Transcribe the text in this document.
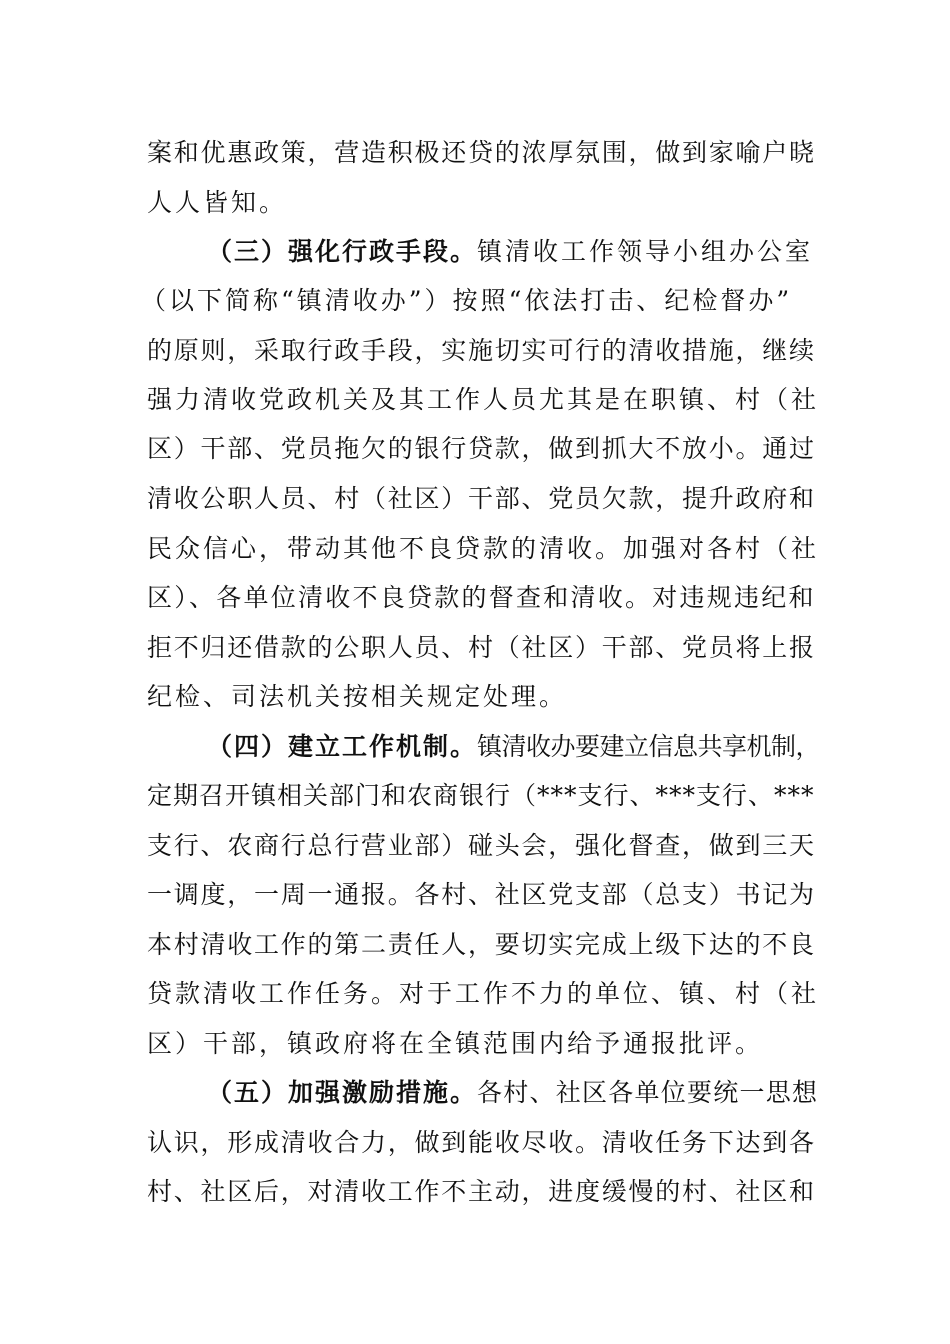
案和优惠政策，营造积极还贷的浓厚氛围，做到家喻户晓
人人皆知。
（三）强化行政手段。镇清收工作领导小组办公室
（以下简称“镇清收办”）按照“依法打击、纪检督办”
的原则，采取行政手段，实施切实可行的清收措施，继续
强力清收党政机关及其工作人员尤其是在职镇、村（社
区）干部、党员拖欠的银行贷款，做到抓大不放小。通过
清收公职人员、村（社区）干部、党员欠款，提升政府和
民众信心，带动其他不良贷款的清收。加强对各村（社
区）、各单位清收不良贷款的督查和清收。对违规违纪和
拒不归还借款的公职人员、村（社区）干部、党员将上报
纪检、司法机关按相关规定处理。
（四）建立工作机制。镇清收办要建立信息共享机制，
定期召开镇相关部门和农商银行（***支行、***支行、***
支行、农商行总行营业部）碰头会，强化督查，做到三天
一调度，一周一通报。各村、社区党支部（总支）书记为
本村清收工作的第二责任人，要切实完成上级下达的不良
贷款清收工作任务。对于工作不力的单位、镇、村（社
区）干部，镇政府将在全镇范围内给予通报批评。
（五）加强激励措施。各村、社区各单位要统一思想
认识，形成清收合力，做到能收尽收。清收任务下达到各
村、社区后，对清收工作不主动，进度缓慢的村、社区和
